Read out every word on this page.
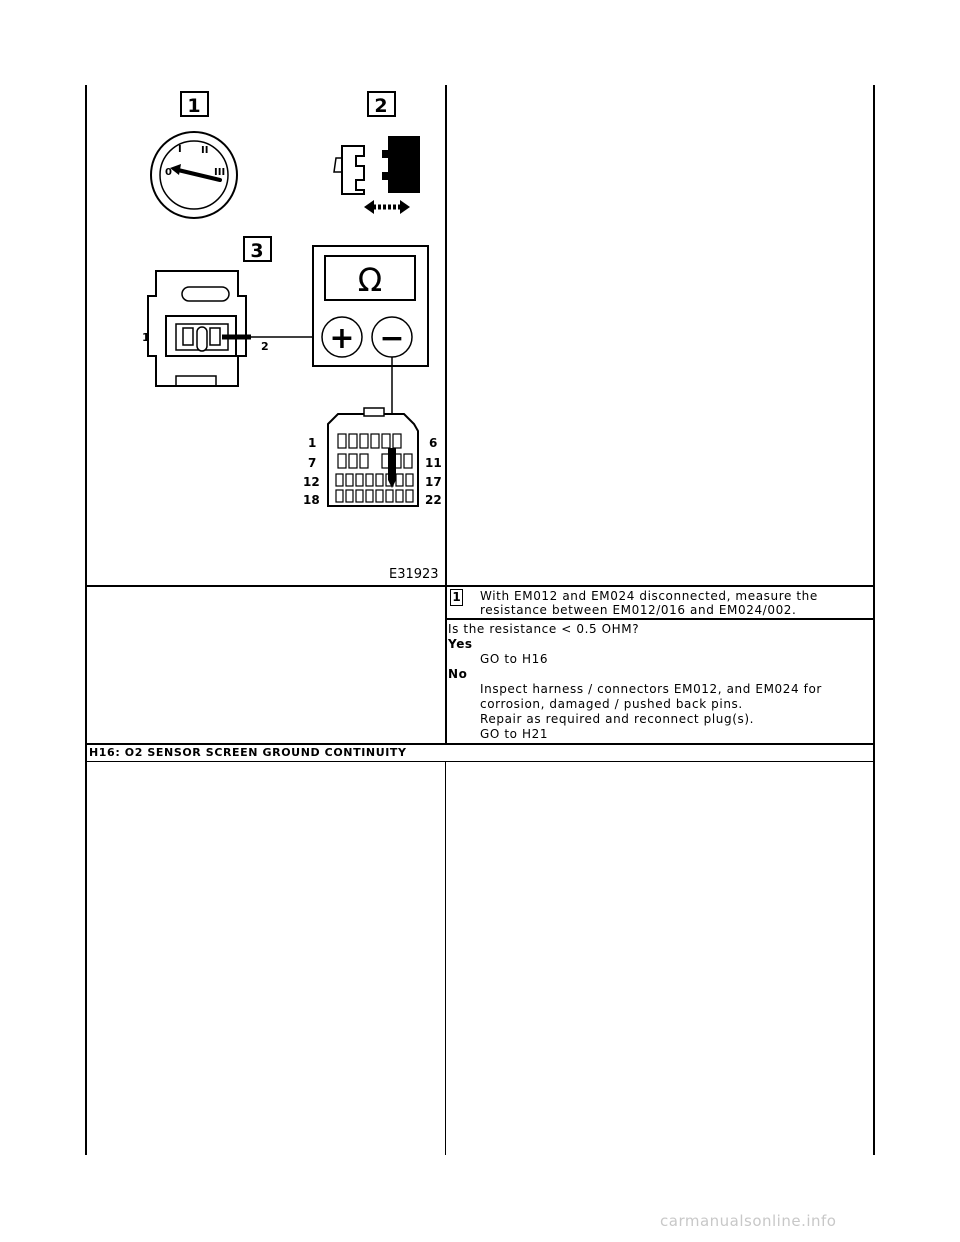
1	2
3
0
I II
III
1
2
Ω
+ −
1
7
12
18
6
11
17
22
E31923
1 With EM012 and EM024 disconnected, measure the
resistance between EM012/016 and EM024/002.
Is the resistance < 0.5 OHM?
Yes
GO to H16
No
Inspect harness / connectors EM012, and EM024 for
corrosion, damaged / pushed back pins.
Repair as required and reconnect plug(s).
GO to H21
H16: O2 SENSOR SCREEN GROUND CONTINUITY
carmanualsonline.info
